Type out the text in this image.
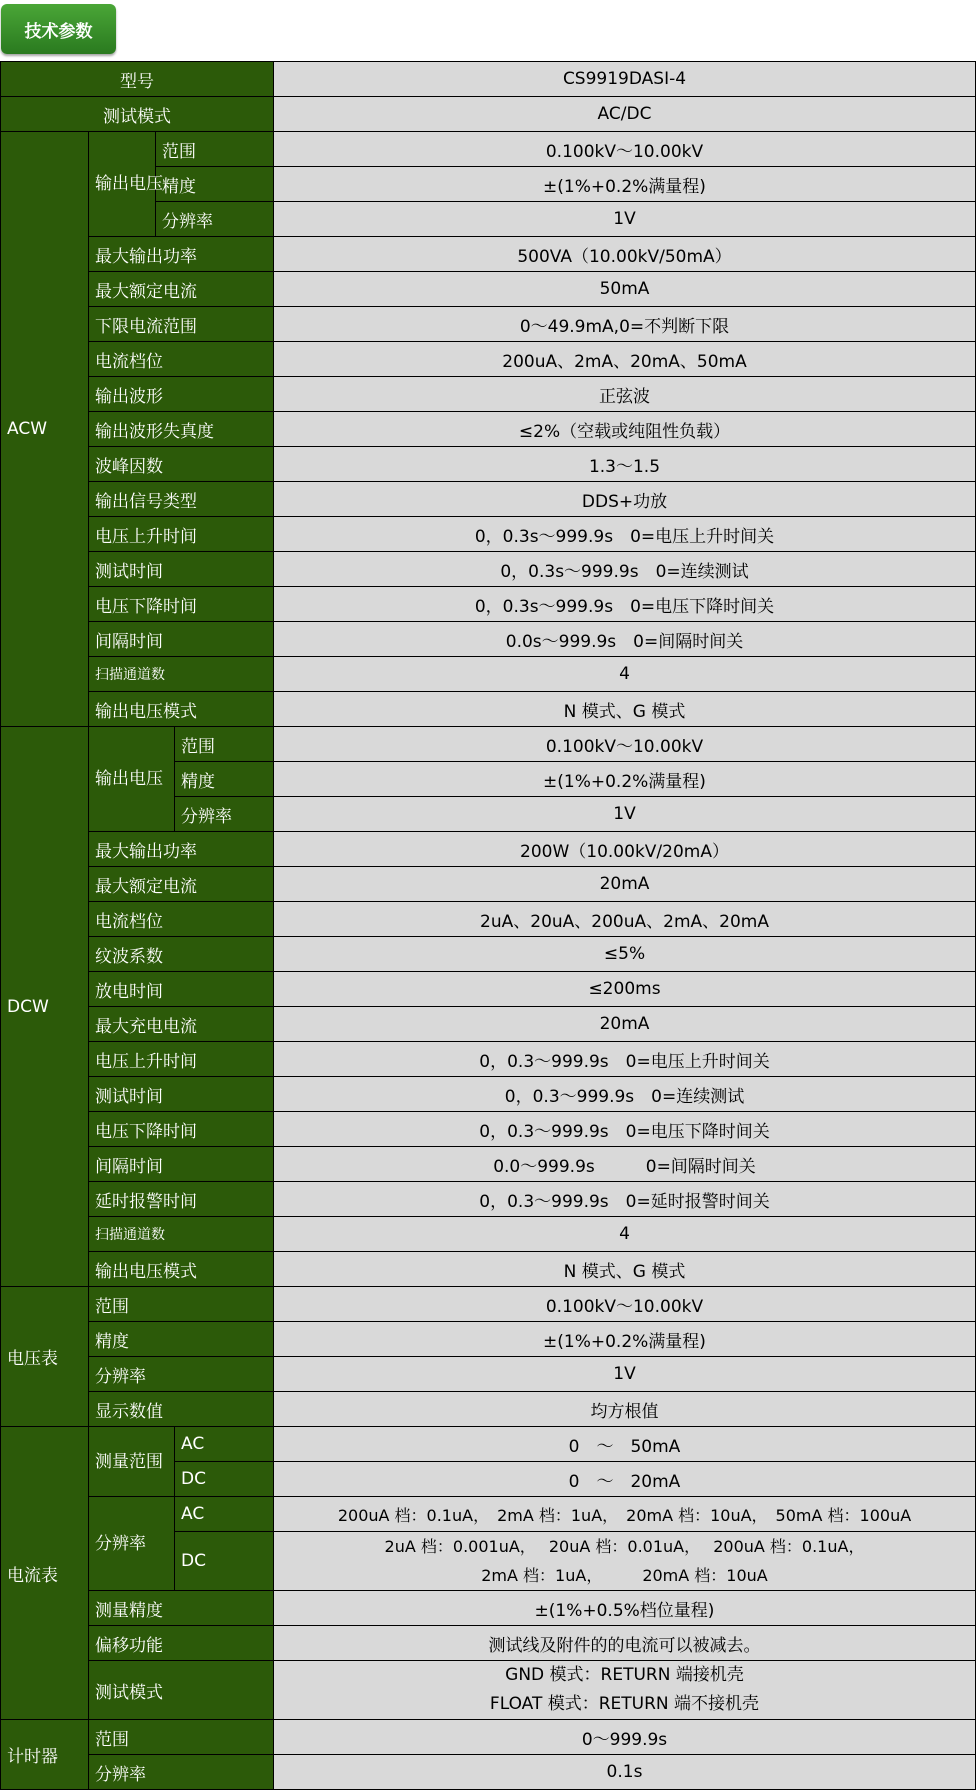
技术参数
型号				CS9919DASI-4
测试模式				AC/DC
ACW	输出电压	范围		0.100kV～10.00kV
		精度		±(1%+0.2%满量程)
		分辨率		1V
	最大输出功率			500VA（10.00kV/50mA）
	最大额定电流			50mA
	下限电流范围			0～49.9mA,0=不判断下限
	电流档位			200uA、2mA、20mA、50mA
	输出波形			正弦波
	输出波形失真度			≤2%（空载或纯阻性负载）
	波峰因数			1.3～1.5
	输出信号类型			DDS+功放
	电压上升时间			0，0.3s～999.9s　0=电压上升时间关
	测试时间			0，0.3s～999.9s　0=连续测试
	电压下降时间			0，0.3s～999.9s　0=电压下降时间关
	间隔时间			0.0s～999.9s　0=间隔时间关
	扫描通道数			4
	输出电压模式			N 模式、G 模式
DCW	输出电压		范围	0.100kV～10.00kV
			精度	±(1%+0.2%满量程)
			分辨率	1V
	最大输出功率			200W（10.00kV/20mA）
	最大额定电流			20mA
	电流档位			2uA、20uA、200uA、2mA、20mA
	纹波系数			≤5%
	放电时间			≤200ms
	最大充电电流			20mA
	电压上升时间			0，0.3～999.9s　0=电压上升时间关
	测试时间			0，0.3～999.9s　0=连续测试
	电压下降时间			0，0.3～999.9s　0=电压下降时间关
	间隔时间			0.0～999.9s　　　0=间隔时间关
	延时报警时间			0，0.3～999.9s　0=延时报警时间关
	扫描通道数			4
	输出电压模式			N 模式、G 模式
电压表	范围			0.100kV～10.00kV
	精度			±(1%+0.2%满量程)
	分辨率			1V
	显示数值			均方根值
电流表	测量范围		AC	0　～　50mA
			DC	0　～　20mA
	分辨率		AC	200uA 档：0.1uA，　2mA 档：1uA，　20mA 档：10uA，　50mA 档：100uA
			DC	2uA 档：0.001uA，　 20uA 档：0.01uA，　 200uA 档：0.1uA，
2mA 档：1uA，　　　20mA 档：10uA　　　　　　　　　　　　

	测量精度			±(1%+0.5%档位量程)
	偏移功能			测试线及附件的的电流可以被减去。
	测试模式			GND 模式：RETURN 端接机壳
FLOAT 模式：RETURN 端不接机壳

计时器	范围			0～999.9s
	分辨率			0.1s
